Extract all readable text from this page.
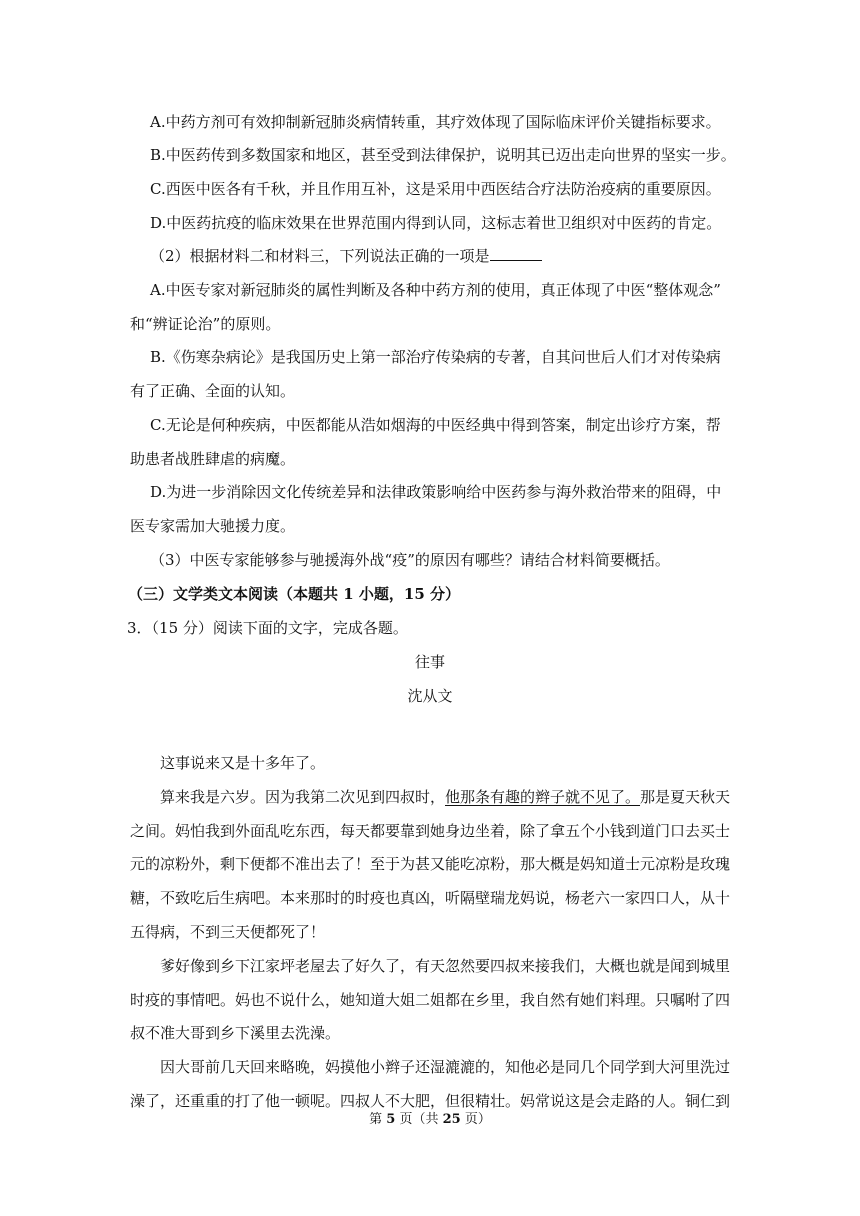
A.中药方剂可有效抑制新冠肺炎病情转重，其疗效体现了国际临床评价关键指标要求。
B.中医药传到多数国家和地区，甚至受到法律保护，说明其已迈出走向世界的坚实一步。
C.西医中医各有千秋，并且作用互补，这是采用中西医结合疗法防治疫病的重要原因。
D.中医药抗疫的临床效果在世界范围内得到认同，这标志着世卫组织对中医药的肯定。
（2）根据材料二和材料三，下列说法正确的一项是
A.中医专家对新冠肺炎的属性判断及各种中药方剂的使用，真正体现了中医“整体观念”
和“辨证论治”的原则。
B.《伤寒杂病论》是我国历史上第一部治疗传染病的专著，自其问世后人们才对传染病
有了正确、全面的认知。
C.无论是何种疾病，中医都能从浩如烟海的中医经典中得到答案，制定出诊疗方案，帮
助患者战胜肆虐的病魔。
D.为进一步消除因文化传统差异和法律政策影响给中医药参与海外救治带来的阻碍，中
医专家需加大驰援力度。
（3）中医专家能够参与驰援海外战“疫”的原因有哪些？请结合材料简要概括。
（三）文学类文本阅读（本题共 1 小题，15 分）
3．（15 分）阅读下面的文字，完成各题。
往事
沈从文
这事说来又是十多年了。
算来我是六岁。因为我第二次见到四叔时，他那条有趣的辫子就不见了。那是夏天秋天
之间。妈怕我到外面乱吃东西，每天都要靠到她身边坐着，除了拿五个小钱到道门口去买士
元的凉粉外，剩下便都不准出去了！至于为甚又能吃凉粉，那大概是妈知道士元凉粉是玫瑰
糖，不致吃后生病吧。本来那时的时疫也真凶，听隔壁瑞龙妈说，杨老六一家四口人，从十
五得病，不到三天便都死了！
爹好像到乡下江家坪老屋去了好久了，有天忽然要四叔来接我们，大概也就是闻到城里
时疫的事情吧。妈也不说什么，她知道大姐二姐都在乡里，我自然有她们料理。只嘱咐了四
叔不准大哥到乡下溪里去洗澡。
因大哥前几天回来略晚，妈摸他小辫子还湿漉漉的，知他必是同几个同学到大河里洗过
澡了，还重重的打了他一顿呢。四叔人不大肥，但很精壮。妈常说这是会走路的人。铜仁到
第 5 页（共 25 页）
